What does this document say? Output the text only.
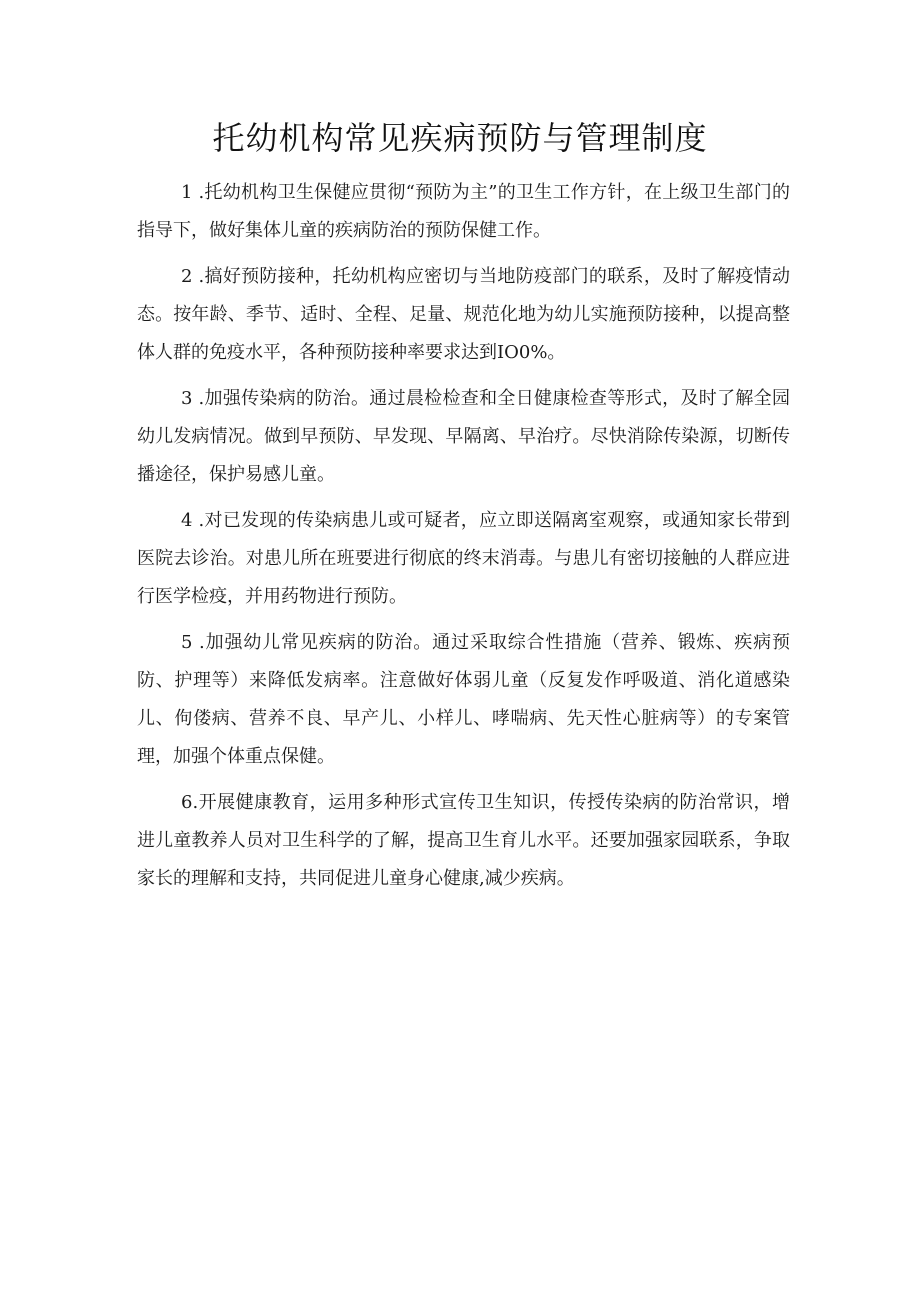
托幼机构常见疾病预防与管理制度

1 .托幼机构卫生保健应贯彻“预防为主”的卫生工作方针，在上级卫生部门的指导下，做好集体儿童的疾病防治的预防保健工作。

2 .搞好预防接种，托幼机构应密切与当地防疫部门的联系，及时了解疫情动态。按年龄、季节、适时、全程、足量、规范化地为幼儿实施预防接种，以提高整体人群的免疫水平，各种预防接种率要求达到IO0%。

3 .加强传染病的防治。通过晨检检查和全日健康检查等形式，及时了解全园幼儿发病情况。做到早预防、早发现、早隔离、早治疗。尽快消除传染源，切断传播途径，保护易感儿童。

4 .对已发现的传染病患儿或可疑者，应立即送隔离室观察，或通知家长带到医院去诊治。对患儿所在班要进行彻底的终末消毒。与患儿有密切接触的人群应进行医学检疫，并用药物进行预防。

5 .加强幼儿常见疾病的防治。通过采取综合性措施（营养、锻炼、疾病预防、护理等）来降低发病率。注意做好体弱儿童（反复发作呼吸道、消化道感染儿、佝偻病、营养不良、早产儿、小样儿、哮喘病、先天性心脏病等）的专案管理，加强个体重点保健。

6.开展健康教育，运用多种形式宣传卫生知识，传授传染病的防治常识，增进儿童教养人员对卫生科学的了解，提高卫生育儿水平。还要加强家园联系，争取家长的理解和支持，共同促进儿童身心健康,减少疾病。
